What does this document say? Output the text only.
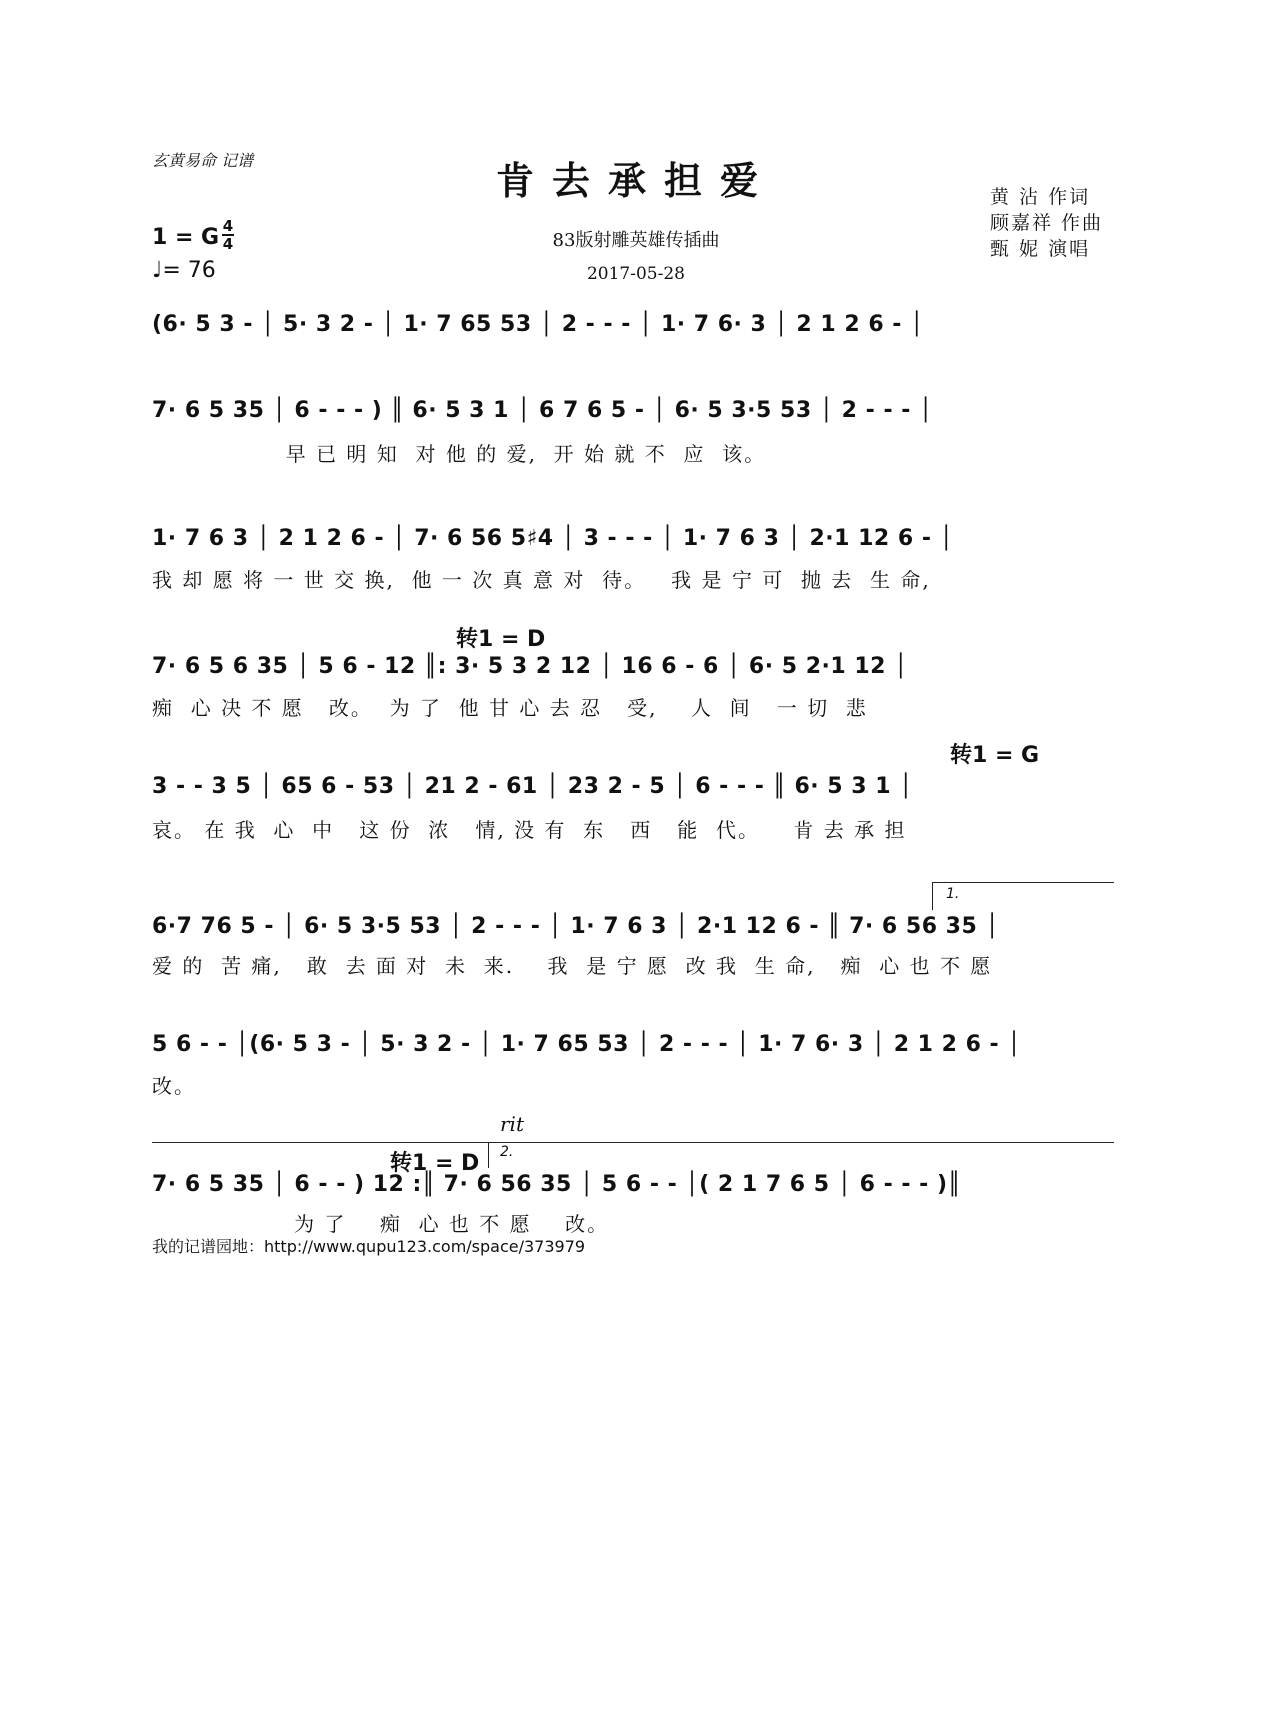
玄黄易命 记谱	肯去承担爱
83版射雕英雄传插曲
2017-05-28
1 = G 4
4
♩= 76
黄 沾 作词
顾嘉祥 作曲
甄 妮 演唱
(6· 5 3 - │ 5· 3 2 - │ 1· 7 65 53 │ 2 - - - │ 1· 7 6· 3 │ 2 1 2 6 - │
7· 6 5 35 │ 6 - - - ) ║ 6· 5 3 1 │ 6 7 6 5 - │ 6· 5 3·5 53 │ 2 - - - │
早 已 明 知  对 他 的 爱,  开 始 就 不  应  该。
1· 7 6 3 │ 2 1 2 6 - │ 7· 6 56 5♯4 │ 3 - - - │ 1· 7 6 3 │ 2·1 12 6 - │
我 却 愿 将 一 世 交 换,  他 一 次 真 意 对  待。   我 是 宁 可  抛 去  生 命,
转1 = D
7· 6 5 6 35 │ 5 6 - 12 ║: 3· 5 3 2 12 │ 16 6 - 6 │ 6· 5 2·1 12 │
痴  心 决 不 愿   改。  为 了  他 甘 心 去 忍   受,    人  间   一 切  悲
转1 = G
3 - - 3 5 │ 65 6 - 53 │ 21 2 - 61 │ 23 2 - 5 │ 6 - - - ║ 6· 5 3 1 │
哀。 在 我  心  中   这 份  浓   情, 没 有  东   西   能  代。    肯 去 承 担
1.
6·7 76 5 - │ 6· 5 3·5 53 │ 2 - - - │ 1· 7 6 3 │ 2·1 12 6 - ║ 7· 6 56 35 │
爱 的  苦 痛,   敢  去 面 对  未  来.    我  是 宁 愿  改 我  生 命,   痴  心 也 不 愿
5 6 - - │(6· 5 3 - │ 5· 3 2 - │ 1· 7 65 53 │ 2 - - - │ 1· 7 6· 3 │ 2 1 2 6 - │
改。
rit
2.
转1 = D
7· 6 5 35 │ 6 - - ) 12 :║ 7· 6 56 35 │ 5 6 - - │( 2 1 7 6 5 │ 6 - - - )║
为 了    痴  心 也 不 愿    改。
我的记谱园地：http://www.qupu123.com/space/373979
